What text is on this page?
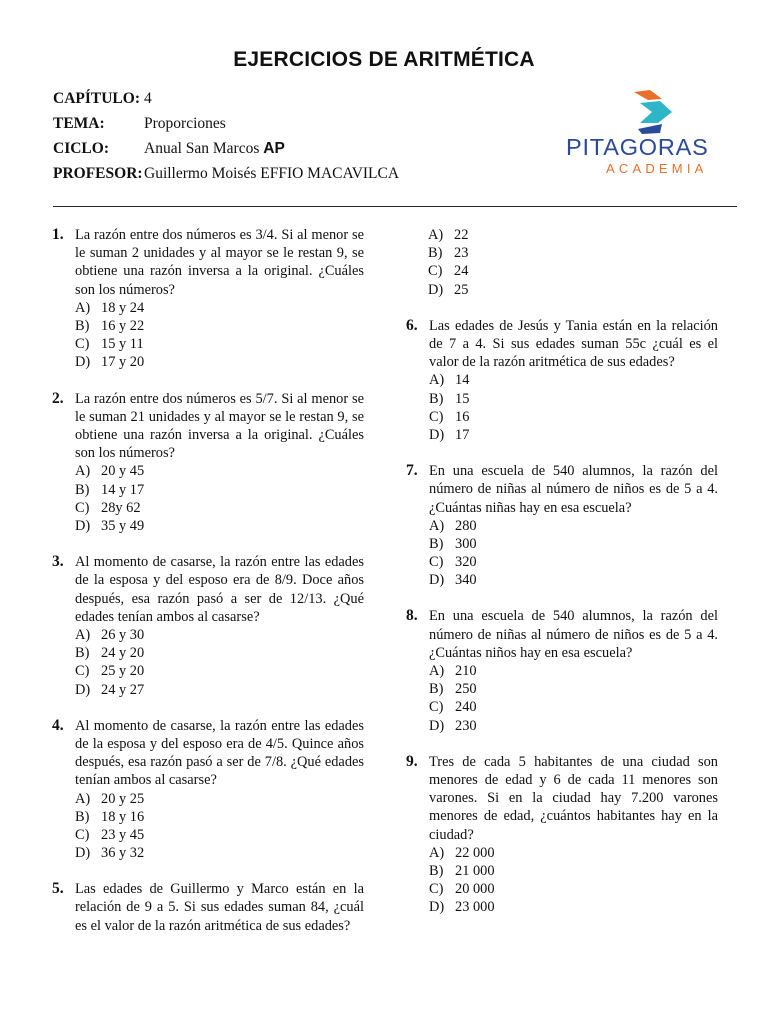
EJERCICIOS DE ARITMÉTICA
CAPÍTULO: 4
TEMA:	Proporciones
CICLO:	Anual San Marcos AP
PROFESOR: Guillermo Moisés EFFIO MACAVILCA
PITAGORAS
ACADEMIA
1. La razón entre dos números es 3/4. Si al menor se le suman 2 unidades y al mayor se le restan 9, se obtiene una razón inversa a la original. ¿Cuáles son los números?
A) 18 y 24
B) 16 y 22
C) 15 y 11
D) 17 y 20
2. La razón entre dos números es 5/7. Si al menor se le suman 21 unidades y al mayor se le restan 9, se obtiene una razón inversa a la original. ¿Cuáles son los números?
A) 20 y 45
B) 14 y 17
C) 28y 62
D) 35 y 49
3. Al momento de casarse, la razón entre las edades de la esposa y del esposo era de 8/9. Doce años después, esa razón pasó a ser de 12/13. ¿Qué edades tenían ambos al casarse?
A) 26 y 30
B) 24 y 20
C) 25 y 20
D) 24 y 27
4. Al momento de casarse, la razón entre las edades de la esposa y del esposo era de 4/5. Quince años después, esa razón pasó a ser de 7/8. ¿Qué edades tenían ambos al casarse?
A) 20 y 25
B) 18 y 16
C) 23 y 45
D) 36 y 32
5. Las edades de Guillermo y Marco están en la relación de 9 a 5. Si sus edades suman 84, ¿cuál es el valor de la razón aritmética de sus edades?
A) 22
B) 23
C) 24
D) 25
6. Las edades de Jesús y Tania están en la relación de 7 a 4. Si sus edades suman 55c ¿cuál es el valor de la razón aritmética de sus edades?
A) 14
B) 15
C) 16
D) 17
7. En una escuela de 540 alumnos, la razón del número de niñas al número de niños es de 5 a 4. ¿Cuántas niñas hay en esa escuela?
A) 280
B) 300
C) 320
D) 340
8. En una escuela de 540 alumnos, la razón del número de niñas al número de niños es de 5 a 4. ¿Cuántas niños hay en esa escuela?
A) 210
B) 250
C) 240
D) 230
9. Tres de cada 5 habitantes de una ciudad son menores de edad y 6 de cada 11 menores son varones. Si en la ciudad hay 7.200 varones menores de edad, ¿cuántos habitantes hay en la ciudad?
A) 22 000
B) 21 000
C) 20 000
D) 23 000
